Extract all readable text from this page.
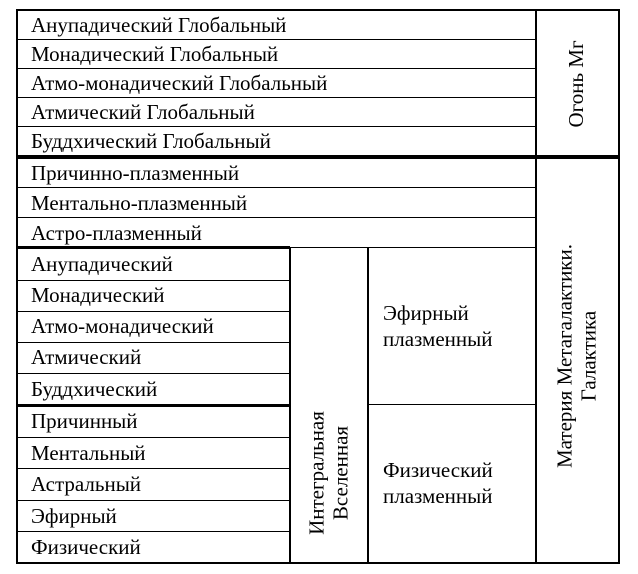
Анупадический Глобальный
Монадический Глобальный
Атмо-монадический Глобальный
Атмический Глобальный
Буддхический Глобальный
Причинно-плазменный
Ментально-плазменный
Астро-плазменный
Анупадический
Монадический
Атмо-монадический
Атмический
Буддхический
Причинный
Ментальный
Астральный
Эфирный
Физический
Эфирный
плазменный
Физический
плазменный
Огонь Мг
Интегральная Вселенная
Материя Метагалактики. Галактика
